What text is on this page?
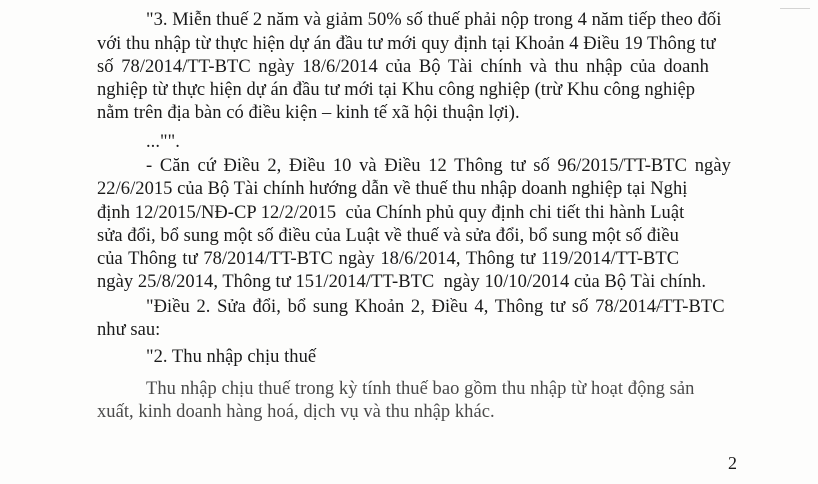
"3. Miễn thuế 2 năm và giảm 50% số thuế phải nộp trong 4 năm tiếp theo đối
với thu nhập từ thực hiện dự án đầu tư mới quy định tại Khoản 4 Điều 19 Thông tư
số 78/2014/TT-BTC ngày 18/6/2014 của Bộ Tài chính và thu nhập của doanh
nghiệp từ thực hiện dự án đầu tư mới tại Khu công nghiệp (trừ Khu công nghiệp
nằm trên địa bàn có điều kiện – kinh tế xã hội thuận lợi).
..."".
- Căn cứ Điều 2, Điều 10 và Điều 12 Thông tư số 96/2015/TT-BTC ngày
22/6/2015 của Bộ Tài chính hướng dẫn về thuế thu nhập doanh nghiệp tại Nghị
định 12/2015/NĐ-CP 12/2/2015  của Chính phủ quy định chi tiết thi hành Luật
sửa đổi, bổ sung một số điều của Luật về thuế và sửa đổi, bổ sung một số điều
của Thông tư 78/2014/TT-BTC ngày 18/6/2014, Thông tư 119/2014/TT-BTC
ngày 25/8/2014, Thông tư 151/2014/TT-BTC  ngày 10/10/2014 của Bộ Tài chính.
"Điều 2. Sửa đổi, bổ sung Khoản 2, Điều 4, Thông tư số 78/2014/TT-BTC
như sau:
"2. Thu nhập chịu thuế
Thu nhập chịu thuế trong kỳ tính thuế bao gồm thu nhập từ hoạt động sản
xuất, kinh doanh hàng hoá, dịch vụ và thu nhập khác.
2
